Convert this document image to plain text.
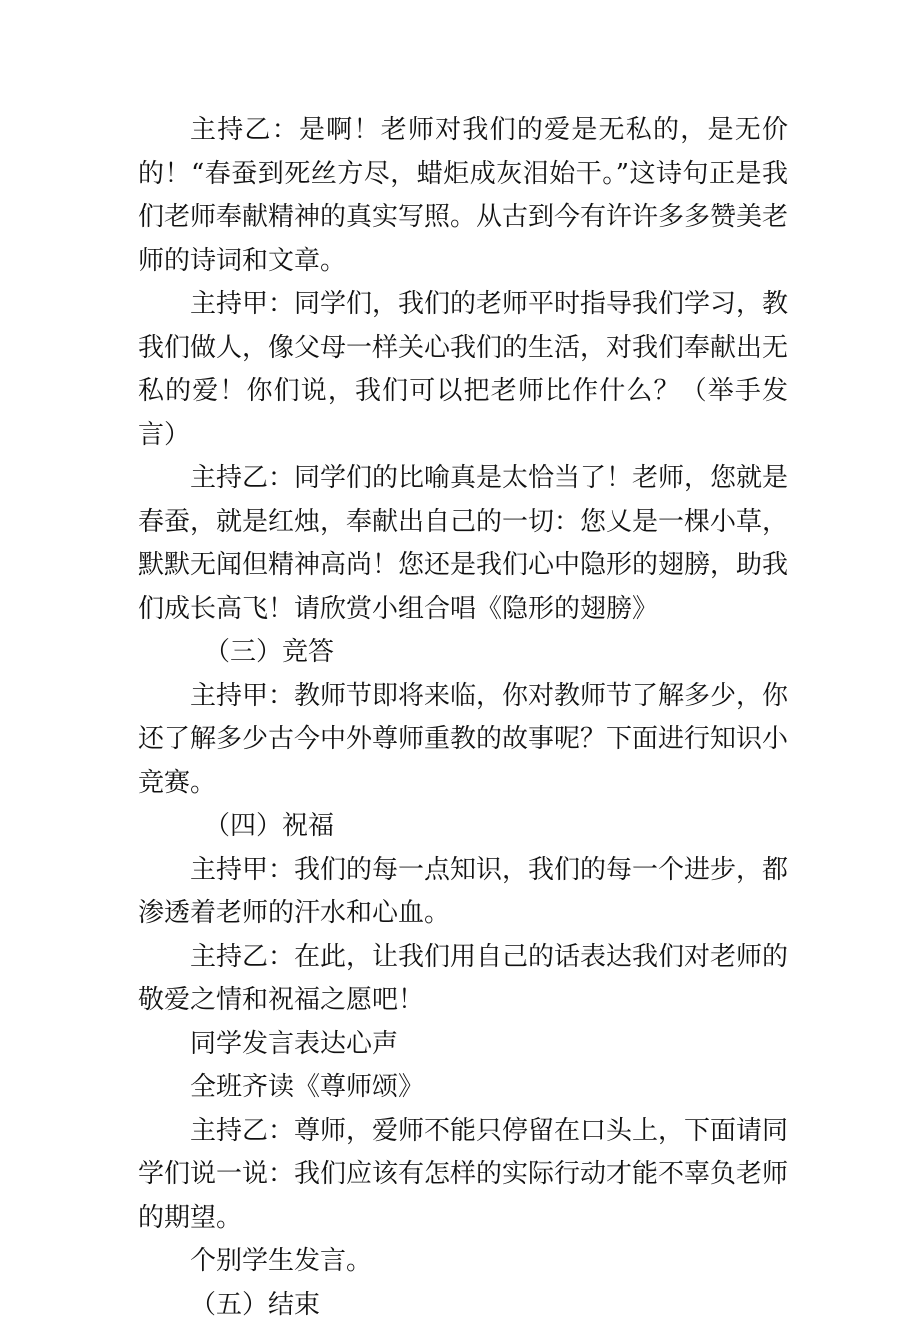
主持乙：是啊！老师对我们的爱是无私的，是无价的！“春蚕到死丝方尽，蜡炬成灰泪始干。”这诗句正是我们老师奉献精神的真实写照。从古到今有许许多多赞美老师的诗词和文章。

主持甲：同学们，我们的老师平时指导我们学习，教我们做人，像父母一样关心我们的生活，对我们奉献出无私的爱！你们说，我们可以把老师比作什么？（举手发言）

主持乙：同学们的比喻真是太恰当了！老师，您就是春蚕，就是红烛，奉献出自己的一切：您乂是一棵小草，默默无闻但精神高尚！您还是我们心中隐形的翅膀，助我们成长高飞！请欣赏小组合唱《隐形的翅膀》

（三）竞答

主持甲：教师节即将来临，你对教师节了解多少，你还了解多少古今中外尊师重教的故事呢？下面进行知识小竞赛。

（四）祝福

主持甲：我们的每一点知识，我们的每一个进步，都渗透着老师的汗水和心血。

主持乙：在此，让我们用自己的话表达我们对老师的敬爱之情和祝福之愿吧！

同学发言表达心声

全班齐读《尊师颂》

主持乙：尊师，爱师不能只停留在口头上，下面请同学们说一说：我们应该有怎样的实际行动才能不辜负老师的期望。

个别学生发言。

（五）结束
